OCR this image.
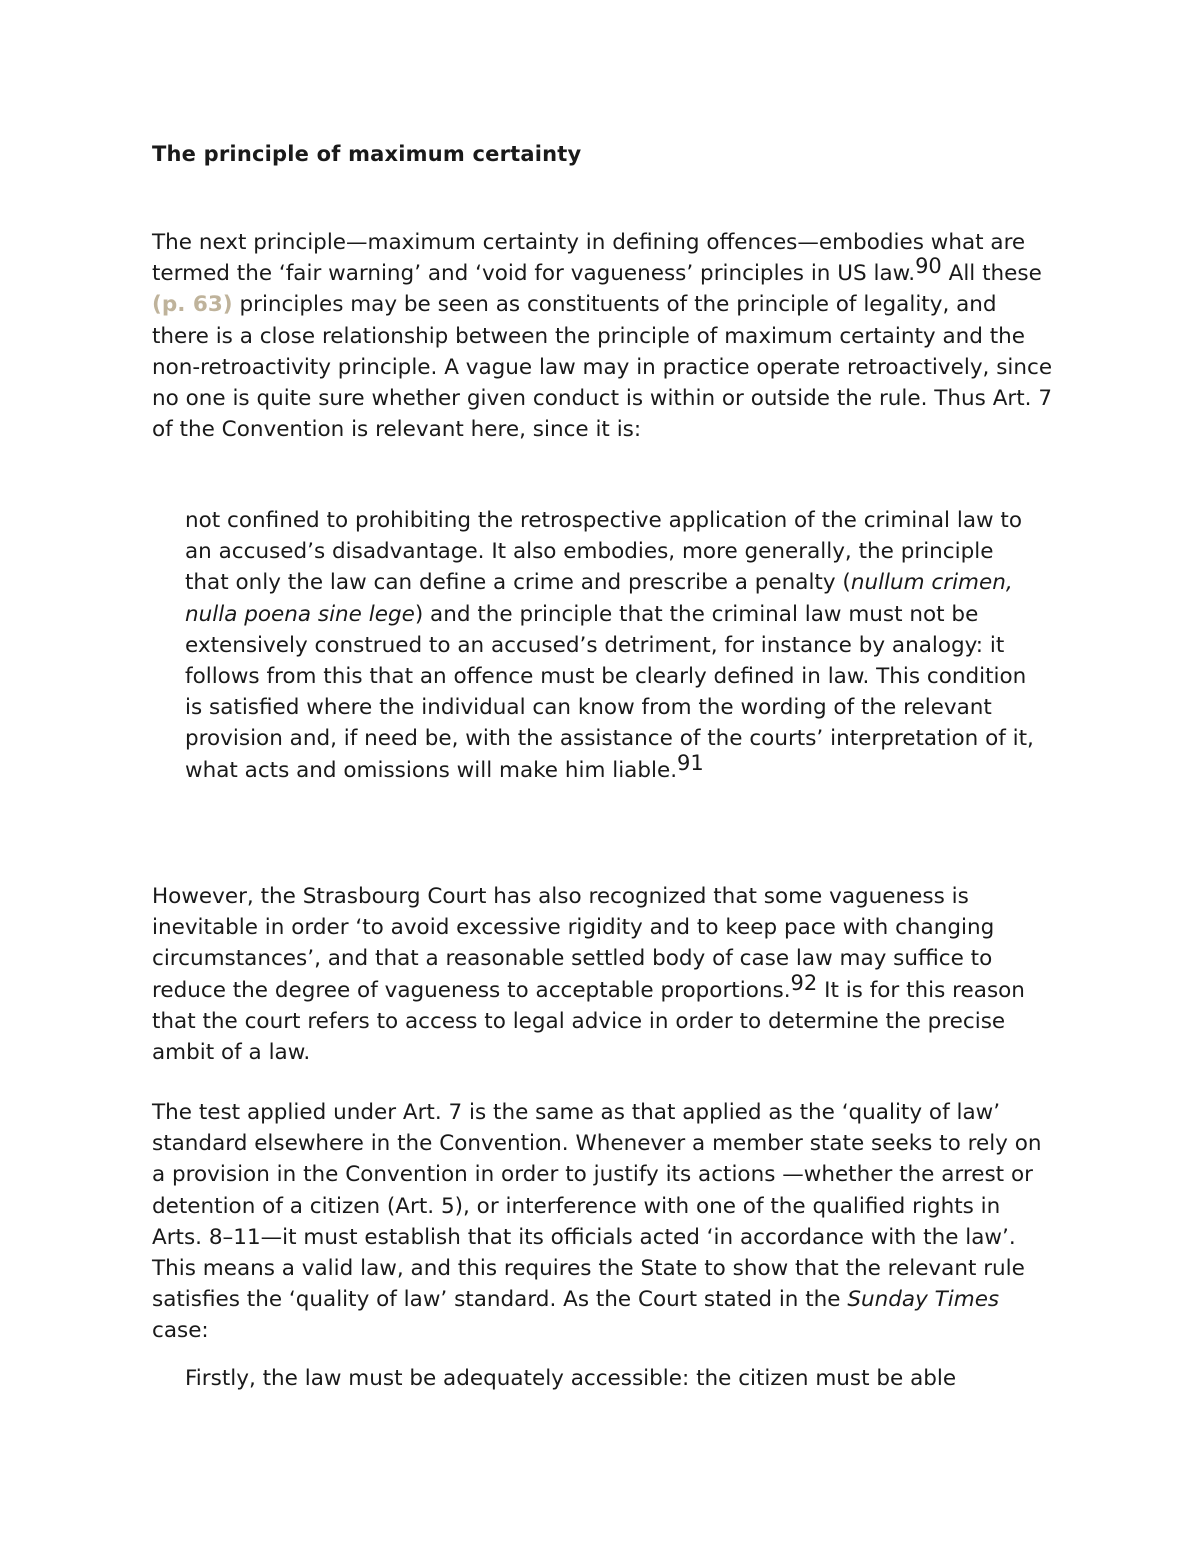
The principle of maximum certainty

The next principle—maximum certainty in defining offences—embodies what are termed the ‘fair warning’ and ‘void for vagueness’ principles in US law.$^{90}$ All these (p. 63) principles may be seen as constituents of the principle of legality, and there is a close relationship between the principle of maximum certainty and the non-retroactivity principle. A vague law may in practice operate retroactively, since no one is quite sure whether given conduct is within or outside the rule. Thus Art. 7 of the Convention is relevant here, since it is:

not confined to prohibiting the retrospective application of the criminal law to an accused’s disadvantage. It also embodies, more generally, the principle that only the law can define a crime and prescribe a penalty (nullum crimen, nulla poena sine lege) and the principle that the criminal law must not be extensively construed to an accused’s detriment, for instance by analogy: it follows from this that an offence must be clearly defined in law. This condition is satisfied where the individual can know from the wording of the relevant provision and, if need be, with the assistance of the courts’ interpretation of it, what acts and omissions will make him liable.$^{91}$

However, the Strasbourg Court has also recognized that some vagueness is inevitable in order ‘to avoid excessive rigidity and to keep pace with changing circumstances’, and that a reasonable settled body of case law may suffice to reduce the degree of vagueness to acceptable proportions.$^{92}$ It is for this reason that the court refers to access to legal advice in order to determine the precise ambit of a law.

The test applied under Art. 7 is the same as that applied as the ‘quality of law’ standard elsewhere in the Convention. Whenever a member state seeks to rely on a provision in the Convention in order to justify its actions —whether the arrest or detention of a citizen (Art. 5), or interference with one of the qualified rights in Arts. 8–11—it must establish that its officials acted ‘in accordance with the law’. This means a valid law, and this requires the State to show that the relevant rule satisfies the ‘quality of law’ standard. As the Court stated in the Sunday Times case:

Firstly, the law must be adequately accessible: the citizen must be able
